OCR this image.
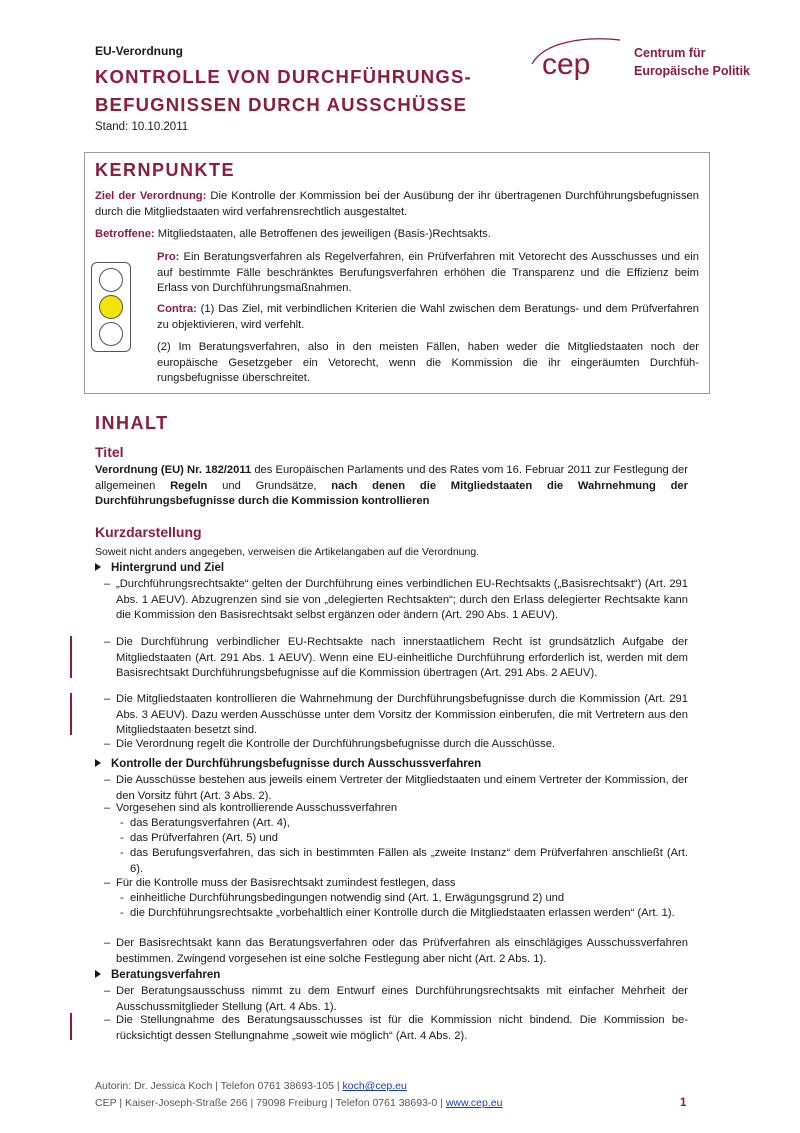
EU-Verordnung
KONTROLLE VON DURCHFÜHRUNGS-
BEFUGNISSEN DURCH AUSSCHÜSSE
Stand: 10.10.2011
cep	Centrum für
Europäische Politik
KERNPUNKTE
Ziel der Verordnung: Die Kontrolle der Kommission bei der Ausübung der ihr übertragenen Durchführungsbefugnissen durch die Mitgliedstaaten wird verfahrensrechtlich ausgestaltet.
Betroffene: Mitgliedstaaten, alle Betroffenen des jeweiligen (Basis-)Rechtsakts.
Pro: Ein Beratungsverfahren als Regelverfahren, ein Prüfverfahren mit Vetorecht des Ausschusses und ein auf bestimmte Fälle beschränktes Berufungsverfahren erhöhen die Transparenz und die Effizienz beim Erlass von Durchführungsmaßnahmen.
Contra: (1) Das Ziel, mit verbindlichen Kriterien die Wahl zwischen dem Beratungs- und dem Prüfverfahren zu objektivieren, wird verfehlt.
(2) Im Beratungsverfahren, also in den meisten Fällen, haben weder die Mitgliedstaaten noch der europäische Gesetzgeber ein Vetorecht, wenn die Kommission die ihr eingeräumten Durchführungsbefugnisse überschreitet.
INHALT
Titel
Verordnung (EU) Nr. 182/2011 des Europäischen Parlaments und des Rates vom 16. Februar 2011 zur Festlegung der allgemeinen Regeln und Grundsätze, nach denen die Mitgliedstaaten die Wahrnehmung der Durchführungsbefugnisse durch die Kommission kontrollieren
Kurzdarstellung
Soweit nicht anders angegeben, verweisen die Artikelangaben auf die Verordnung.
Hintergrund und Ziel
– „Durchführungsrechtsakte“ gelten der Durchführung eines verbindlichen EU-Rechtsakts („Basisrechtsakt“) (Art. 291 Abs. 1 AEUV). Abzugrenzen sind sie von „delegierten Rechtsakten“; durch den Erlass delegierter Rechtsakte kann die Kommission den Basisrechtsakt selbst ergänzen oder ändern (Art. 290 Abs. 1 AEUV).
– Die Durchführung verbindlicher EU-Rechtsakte nach innerstaatlichem Recht ist grundsätzlich Aufgabe der Mitgliedstaaten (Art. 291 Abs. 1 AEUV). Wenn eine EU-einheitliche Durchführung erforderlich ist, werden mit dem Basisrechtsakt Durchführungsbefugnisse auf die Kommission übertragen (Art. 291 Abs. 2 AEUV).
– Die Mitgliedstaaten kontrollieren die Wahrnehmung der Durchführungsbefugnisse durch die Kommission (Art. 291 Abs. 3 AEUV). Dazu werden Ausschüsse unter dem Vorsitz der Kommission einberufen, die mit Vertretern aus den Mitgliedstaaten besetzt sind.
– Die Verordnung regelt die Kontrolle der Durchführungsbefugnisse durch die Ausschüsse.
Kontrolle der Durchführungsbefugnisse durch Ausschussverfahren
– Die Ausschüsse bestehen aus jeweils einem Vertreter der Mitgliedstaaten und einem Vertreter der Kommission, der den Vorsitz führt (Art. 3 Abs. 2).
– Vorgesehen sind als kontrollierende Ausschussverfahren
- das Beratungsverfahren (Art. 4),
- das Prüfverfahren (Art. 5) und
- das Berufungsverfahren, das sich in bestimmten Fällen als „zweite Instanz“ dem Prüfverfahren anschließt (Art. 6).
– Für die Kontrolle muss der Basisrechtsakt zumindest festlegen, dass
- einheitliche Durchführungsbedingungen notwendig sind (Art. 1, Erwägungsgrund 2) und
- die Durchführungsrechtsakte „vorbehaltlich einer Kontrolle durch die Mitgliedstaaten erlassen werden“ (Art. 1).
– Der Basisrechtsakt kann das Beratungsverfahren oder das Prüfverfahren als einschlägiges Ausschussverfahren bestimmen. Zwingend vorgesehen ist eine solche Festlegung aber nicht (Art. 2 Abs. 1).
Beratungsverfahren
– Der Beratungsausschuss nimmt zu dem Entwurf eines Durchführungsrechtsakts mit einfacher Mehrheit der Ausschussmitglieder Stellung (Art. 4 Abs. 1).
– Die Stellungnahme des Beratungsausschusses ist für die Kommission nicht bindend. Die Kommission berücksichtigt dessen Stellungnahme „soweit wie möglich“ (Art. 4 Abs. 2).
Autorin: Dr. Jessica Koch | Telefon 0761 38693-105 | koch@cep.eu
CEP | Kaiser-Joseph-Straße 266 | 79098 Freiburg | Telefon 0761 38693-0 | www.cep.eu	1
